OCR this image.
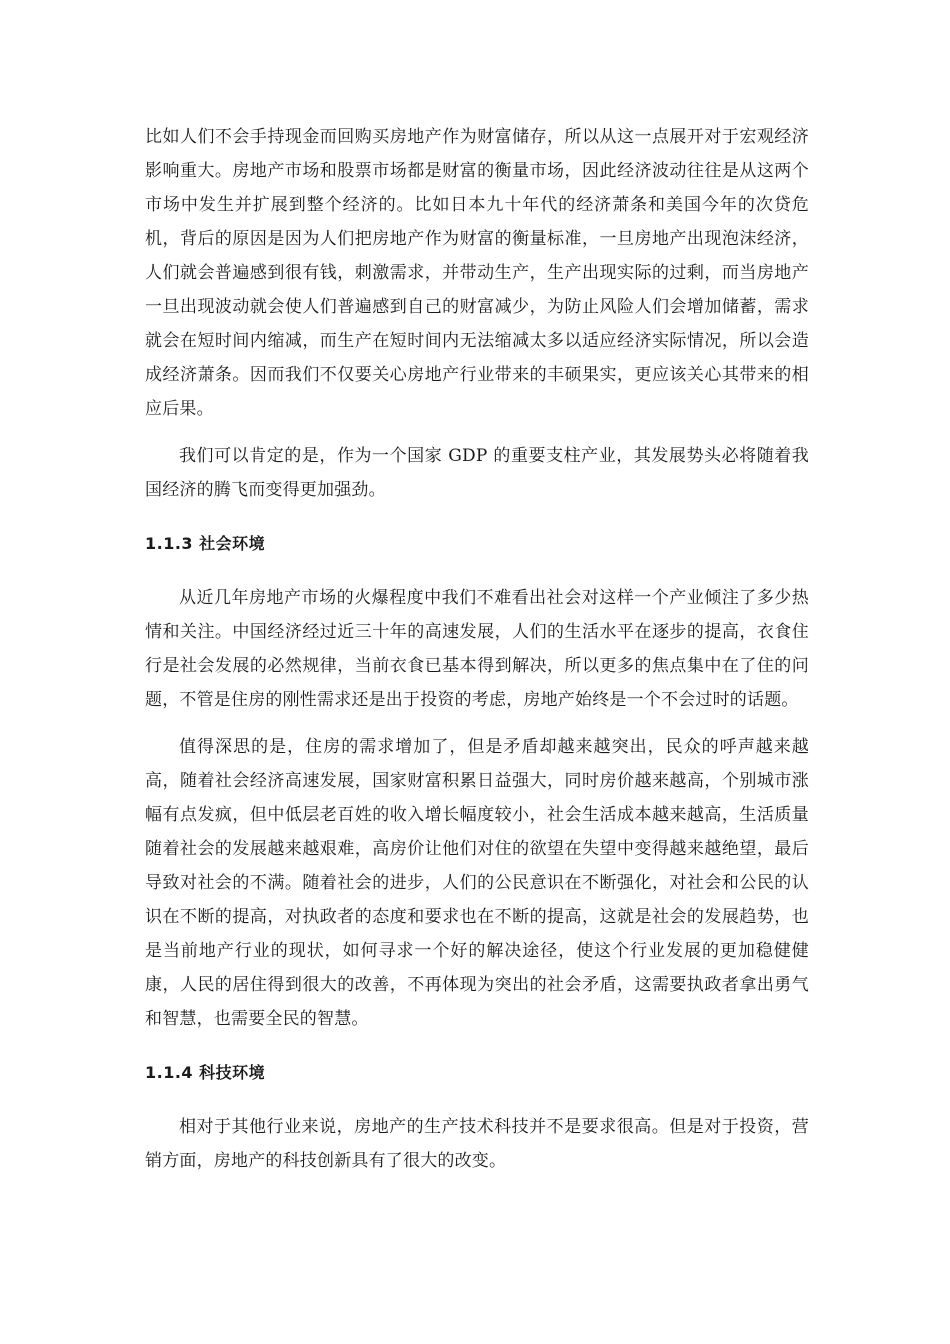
比如人们不会手持现金而回购买房地产作为财富储存，所以从这一点展开对于宏观经济影响重大。房地产市场和股票市场都是财富的衡量市场，因此经济波动往往是从这两个市场中发生并扩展到整个经济的。比如日本九十年代的经济萧条和美国今年的次贷危机，背后的原因是因为人们把房地产作为财富的衡量标准，一旦房地产出现泡沫经济，人们就会普遍感到很有钱，刺激需求，并带动生产，生产出现实际的过剩，而当房地产一旦出现波动就会使人们普遍感到自己的财富减少，为防止风险人们会增加储蓄，需求就会在短时间内缩减，而生产在短时间内无法缩减太多以适应经济实际情况，所以会造成经济萧条。因而我们不仅要关心房地产行业带来的丰硕果实，更应该关心其带来的相应后果。

我们可以肯定的是，作为一个国家 GDP 的重要支柱产业，其发展势头必将随着我国经济的腾飞而变得更加强劲。

1.1.3 社会环境

从近几年房地产市场的火爆程度中我们不难看出社会对这样一个产业倾注了多少热情和关注。中国经济经过近三十年的高速发展，人们的生活水平在逐步的提高，衣食住行是社会发展的必然规律，当前衣食已基本得到解决，所以更多的焦点集中在了住的问题，不管是住房的刚性需求还是出于投资的考虑，房地产始终是一个不会过时的话题。

值得深思的是，住房的需求增加了，但是矛盾却越来越突出，民众的呼声越来越高，随着社会经济高速发展，国家财富积累日益强大，同时房价越来越高，个别城市涨幅有点发疯，但中低层老百姓的收入增长幅度较小，社会生活成本越来越高，生活质量随着社会的发展越来越艰难，高房价让他们对住的欲望在失望中变得越来越绝望，最后导致对社会的不满。随着社会的进步，人们的公民意识在不断强化，对社会和公民的认识在不断的提高，对执政者的态度和要求也在不断的提高，这就是社会的发展趋势，也是当前地产行业的现状，如何寻求一个好的解决途径，使这个行业发展的更加稳健健康，人民的居住得到很大的改善，不再体现为突出的社会矛盾，这需要执政者拿出勇气和智慧，也需要全民的智慧。

1.1.4 科技环境

相对于其他行业来说，房地产的生产技术科技并不是要求很高。但是对于投资，营销方面，房地产的科技创新具有了很大的改变。
